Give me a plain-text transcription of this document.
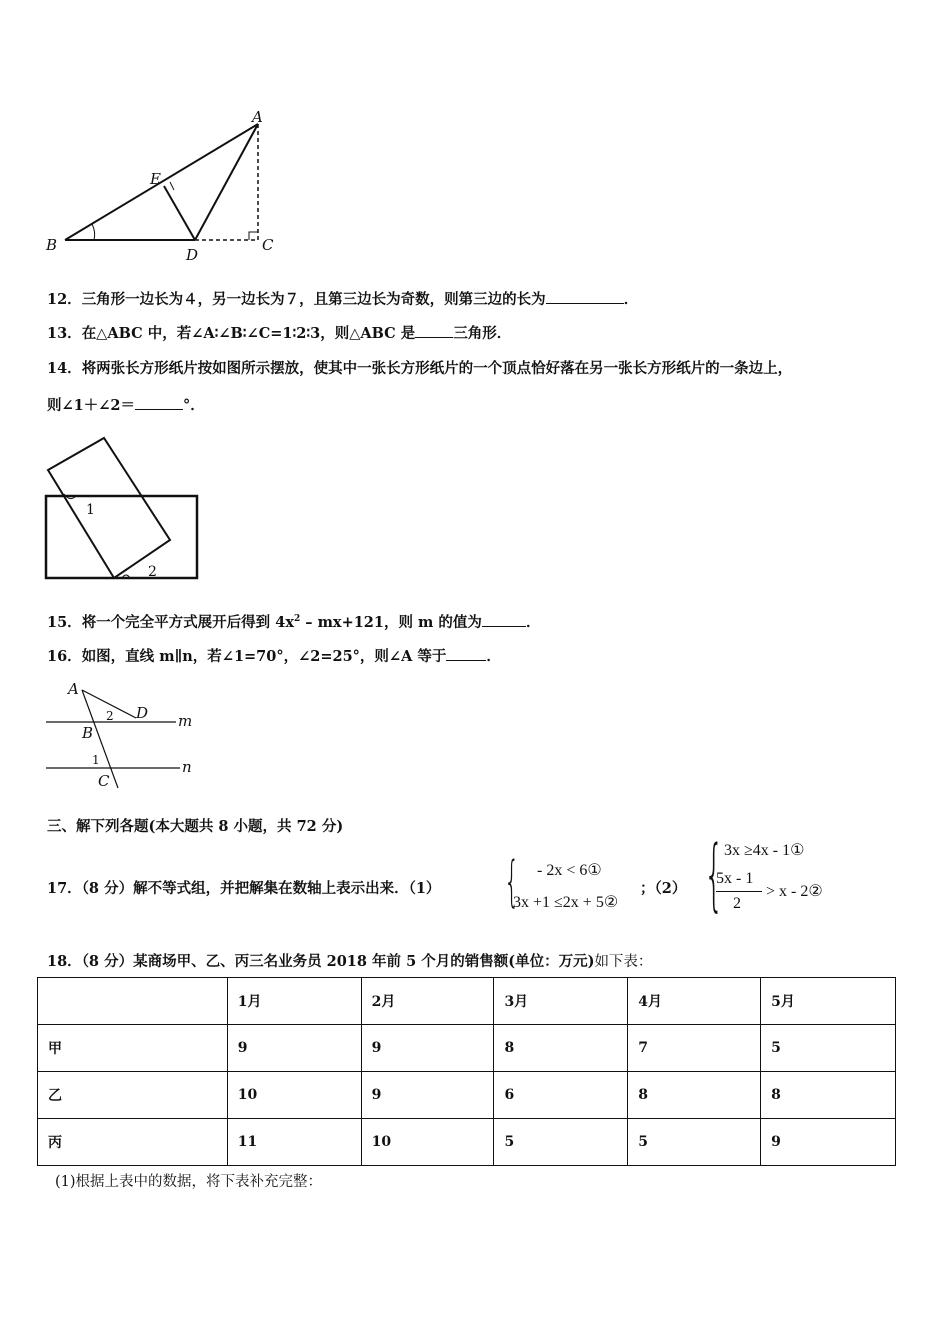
A
E
B
D
C
12．三角形一边长为４，另一边长为７，且第三边长为奇数，则第三边的长为	．
13．在△ABC 中，若∠A∶∠B∶∠C=1∶2∶3，则△ABC 是	三角形．
14．将两张长方形纸片按如图所示摆放，使其中一张长方形纸片的一个顶点恰好落在另一张长方形纸片的一条边上，
则∠1＋∠2＝	°．
1
2
15．将一个完全平方式展开后得到 $4x^2 - mx+121$，则 m 的值为	．
16．如图，直线 m∥n，若∠1=70°，∠2=25°，则∠A 等于	．
A
D
B
C
m
n
2
1
三、解下列各题(本大题共 8 小题，共 72 分)
17．（8 分）解不等式组，并把解集在数轴上表示出来．（1） { - 2x < 6①
3x +1 ≤2x + 5②
；（2） { 3x ≥4x - 1①
5x - 1
2
> x - 2②
18．（8 分）某商场甲、乙、丙三名业务员 2018 年前 5 个月的销售额(单位：万元)如下表：
	1月	2月	3月	4月	5月
甲	9	9	8	7	5
乙	10	9	6	8	8
丙	11	10	5	5	9
(1)根据上表中的数据，将下表补充完整：
